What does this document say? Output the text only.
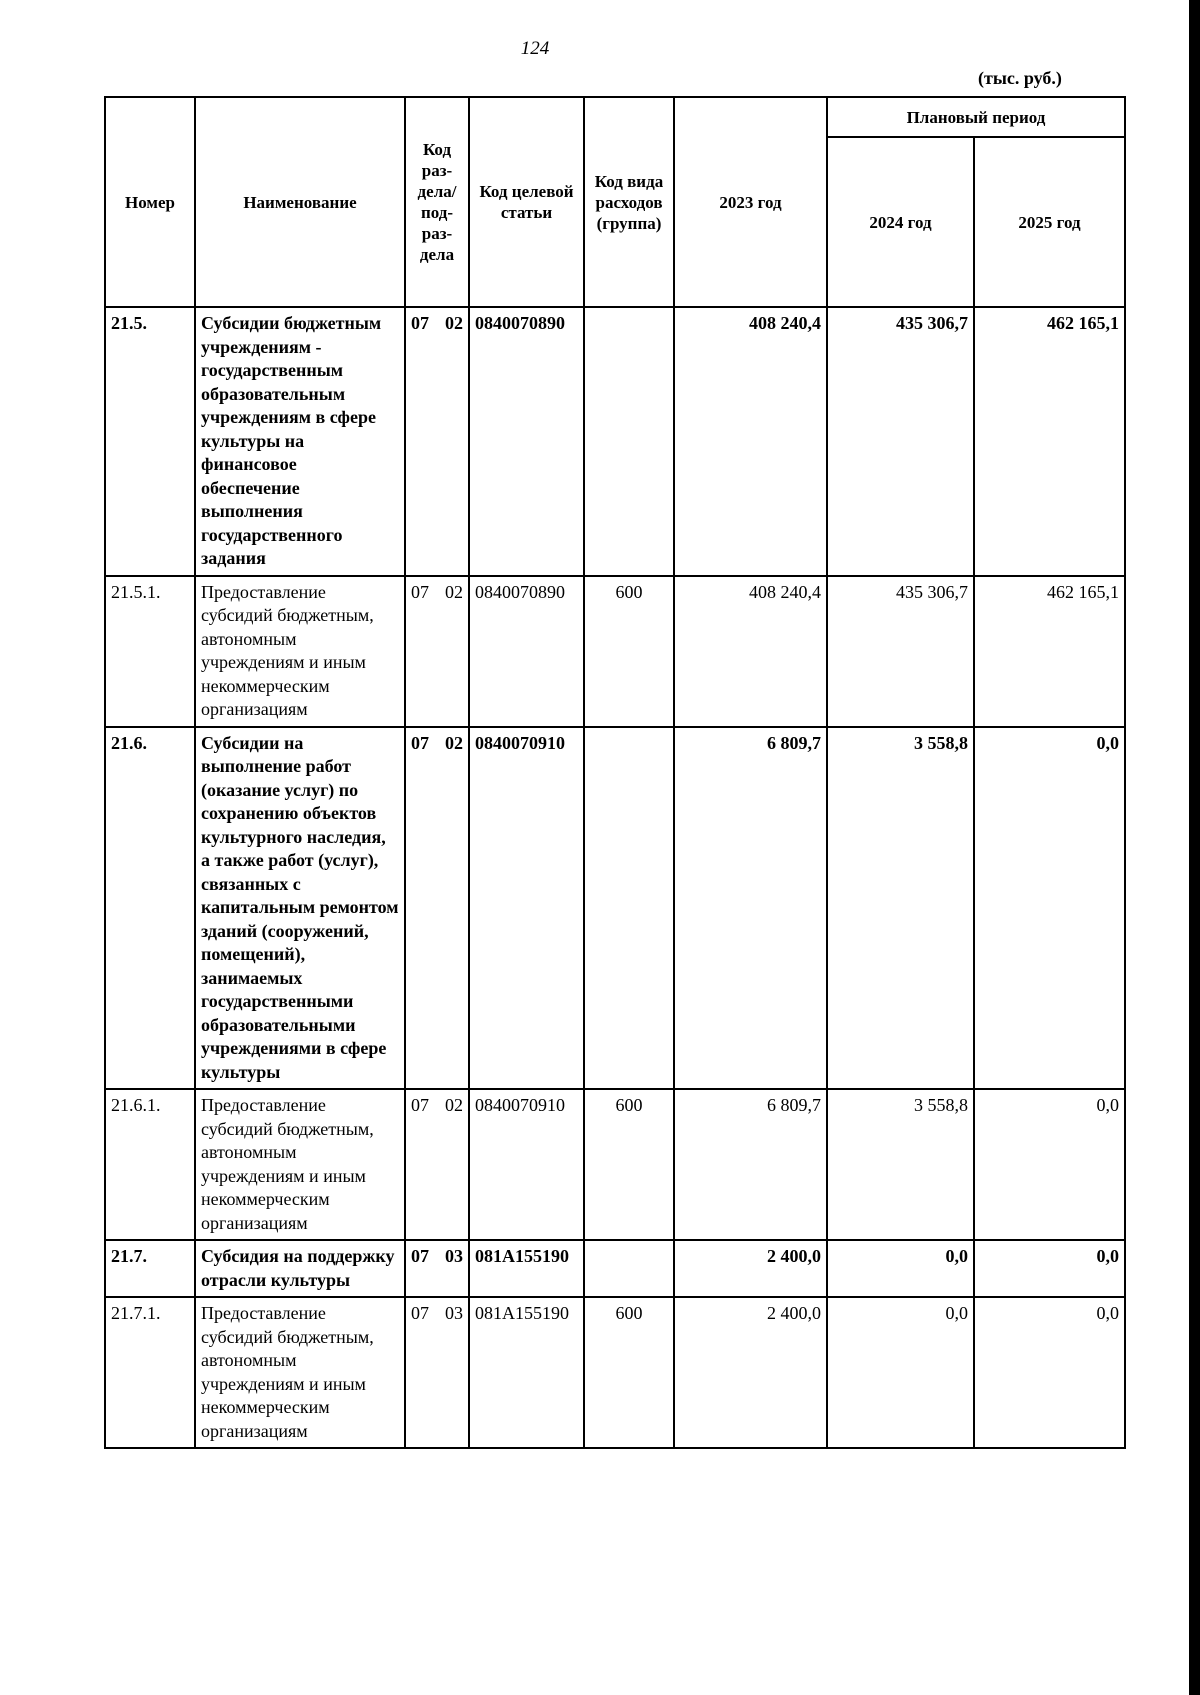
124
(тыс. руб.)
Номер	Наименование	Код раз-дела/ под-раз-дела	Код целевой статьи	Код вида расходов (группа)	2023 год	Плановый период	
						2024 год	2025 год
21.5.	Субсидии бюджетным учреждениям - государственным образовательным учреждениям в сфере культуры на финансовое обеспечение выполнения государственного задания	07 02	0840070890		408 240,4	435 306,7	462 165,1
21.5.1.	Предоставление субсидий бюджетным, автономным учреждениям и иным некоммерческим организациям	07 02	0840070890	600	408 240,4	435 306,7	462 165,1
21.6.	Субсидии на выполнение работ (оказание услуг) по сохранению объектов культурного наследия, а также работ (услуг), связанных с капитальным ремонтом зданий (сооружений, помещений), занимаемых государственными образовательными учреждениями в сфере культуры	07 02	0840070910		6 809,7	3 558,8	0,0
21.6.1.	Предоставление субсидий бюджетным, автономным учреждениям и иным некоммерческим организациям	07 02	0840070910	600	6 809,7	3 558,8	0,0
21.7.	Субсидия на поддержку отрасли культуры	07 03	081A155190		2 400,0	0,0	0,0
21.7.1.	Предоставление субсидий бюджетным, автономным учреждениям и иным некоммерческим организациям	07 03	081A155190	600	2 400,0	0,0	0,0
